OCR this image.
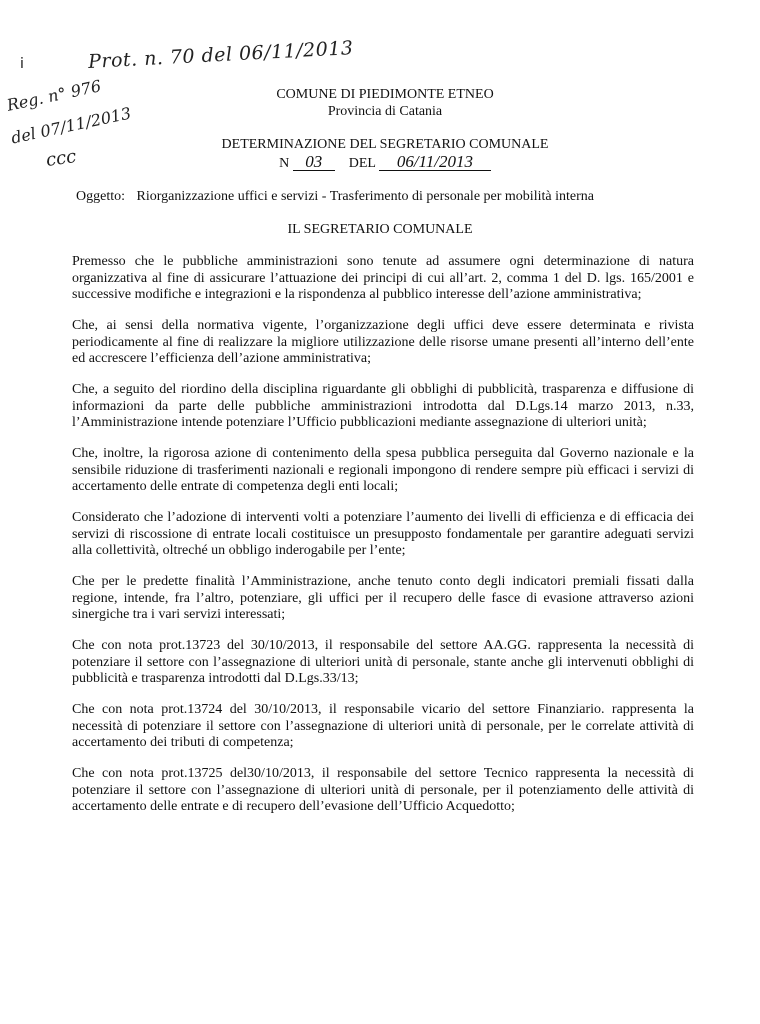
i	Prot. n. 70 del 06/11/2013
Reg. n° 976
del 07/11/2013
ccc
COMUNE DI PIEDIMONTE ETNEO
Provincia di Catania
DETERMINAZIONE DEL SEGRETARIO COMUNALE
N 03 DEL 06/11/2013
Oggetto: Riorganizzazione uffici e servizi - Trasferimento di personale per mobilità interna
IL SEGRETARIO COMUNALE

Premesso che le pubbliche amministrazioni sono tenute ad assumere ogni determinazione di natura organizzativa al fine di assicurare l’attuazione dei principi di cui all’art. 2, comma 1 del D. lgs. 165/2001 e successive modifiche e integrazioni e la rispondenza al pubblico interesse dell’azione amministrativa;

Che, ai sensi della normativa vigente, l’organizzazione degli uffici deve essere determinata e rivista periodicamente al fine di realizzare la migliore utilizzazione delle risorse umane presenti all’interno dell’ente ed accrescere l’efficienza dell’azione amministrativa;

Che, a seguito del riordino della disciplina riguardante gli obblighi di pubblicità, trasparenza e diffusione di informazioni da parte delle pubbliche amministrazioni introdotta dal D.Lgs.14 marzo 2013, n.33, l’Amministrazione intende potenziare l’Ufficio pubblicazioni mediante assegnazione di ulteriori unità;

Che, inoltre, la rigorosa azione di contenimento della spesa pubblica perseguita dal Governo nazionale e la sensibile riduzione di trasferimenti nazionali e regionali impongono di rendere sempre più efficaci i servizi di accertamento delle entrate di competenza degli enti locali;

Considerato che l’adozione di interventi volti a potenziare l’aumento dei livelli di efficienza e di efficacia dei servizi di riscossione di entrate locali costituisce un presupposto fondamentale per garantire adeguati servizi alla collettività, oltreché un obbligo inderogabile per l’ente;

Che per le predette finalità l’Amministrazione, anche tenuto conto degli indicatori premiali fissati dalla regione, intende, fra l’altro, potenziare, gli uffici per il recupero delle fasce di evasione attraverso azioni sinergiche tra i vari servizi interessati;

Che con nota prot.13723 del 30/10/2013, il responsabile del settore AA.GG. rappresenta la necessità di potenziare il settore con l’assegnazione di ulteriori unità di personale, stante anche gli intervenuti obblighi di pubblicità e trasparenza introdotti dal D.Lgs.33/13;

Che con nota prot.13724 del 30/10/2013, il responsabile vicario del settore Finanziario. rappresenta la necessità di potenziare il settore con l’assegnazione di ulteriori unità di personale, per le correlate attività di accertamento dei tributi di competenza;

Che con nota prot.13725 del30/10/2013, il responsabile del settore Tecnico rappresenta la necessità di potenziare il settore con l’assegnazione di ulteriori unità di personale, per il potenziamento delle attività di accertamento delle entrate e di recupero dell’evasione dell’Ufficio Acquedotto;
